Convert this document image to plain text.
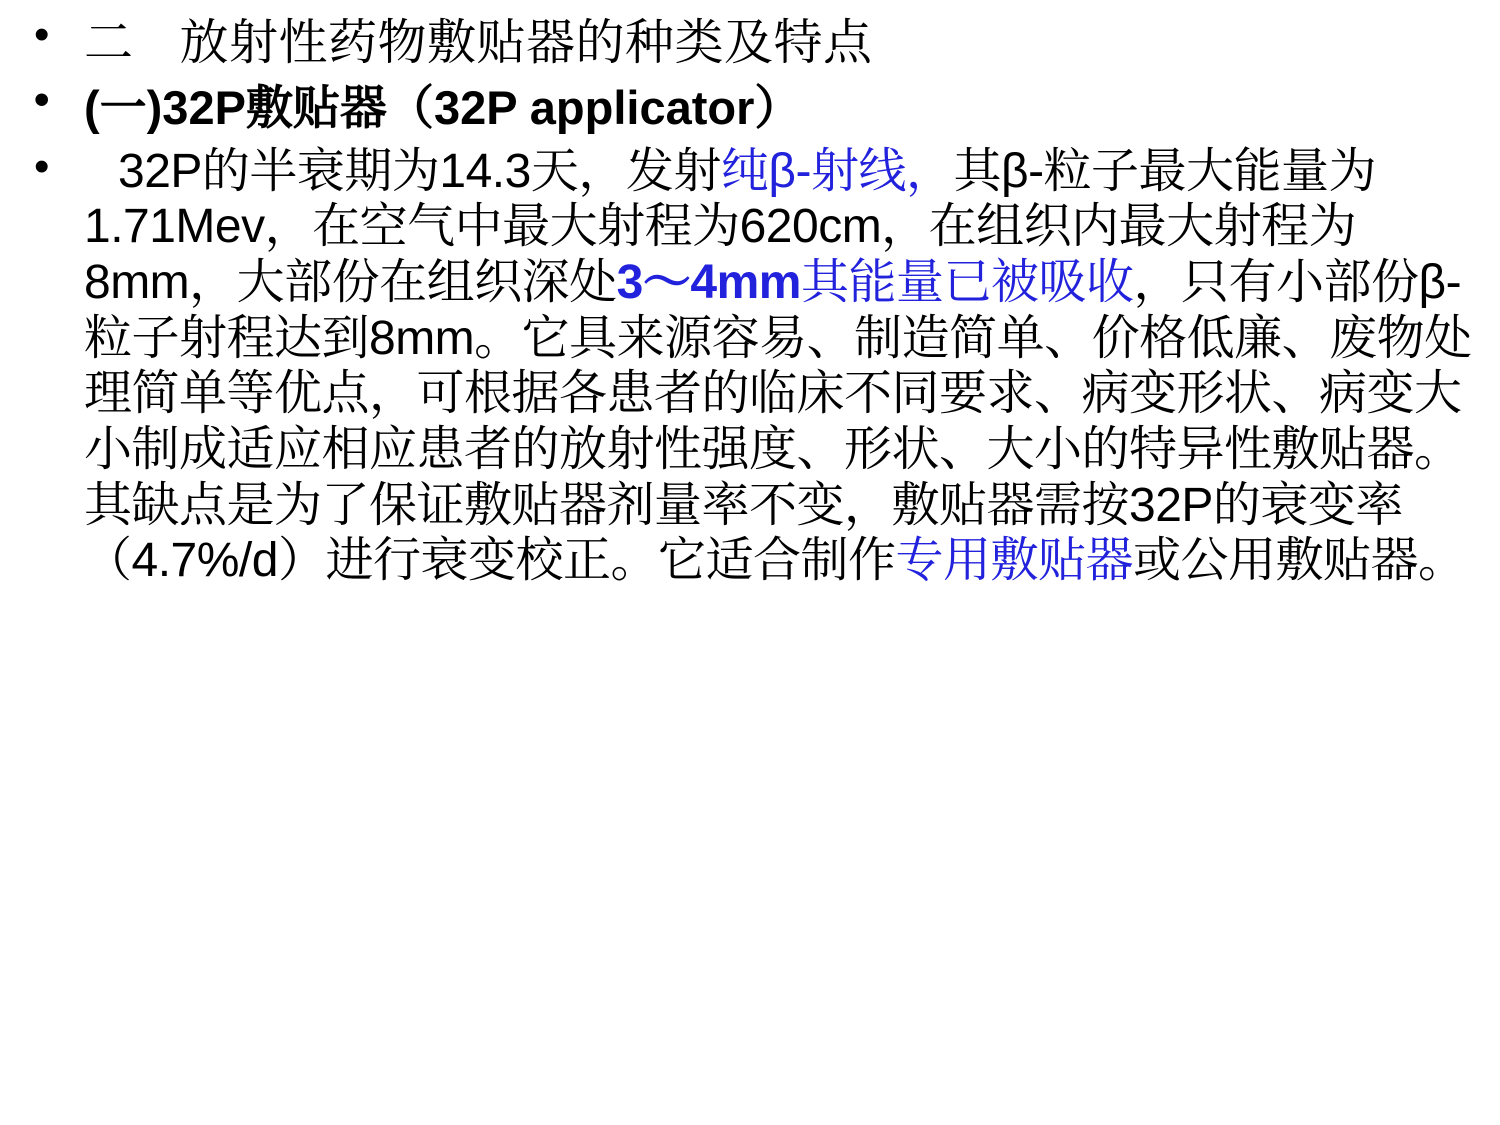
• 二 放射性药物敷贴器的种类及特点
• (一)32P敷贴器（32P applicator）
• 32P的半衰期为14.3天，发射纯β-射线，其β-粒子最大能量为1.71Mev，在空气中最大射程为620cm，在组织内最大射程为8mm，大部份在组织深处3～4mm其能量已被吸收，只有小部份β-粒子射程达到8mm。它具来源容易、制造简单、价格低廉、废物处理简单等优点，可根据各患者的临床不同要求、病变形状、病变大小制成适应相应患者的放射性强度、形状、大小的特异性敷贴器。其缺点是为了保证敷贴器剂量率不变，敷贴器需按32P的衰变率（4.7%/d）进行衰变校正。它适合制作专用敷贴器或公用敷贴器。
